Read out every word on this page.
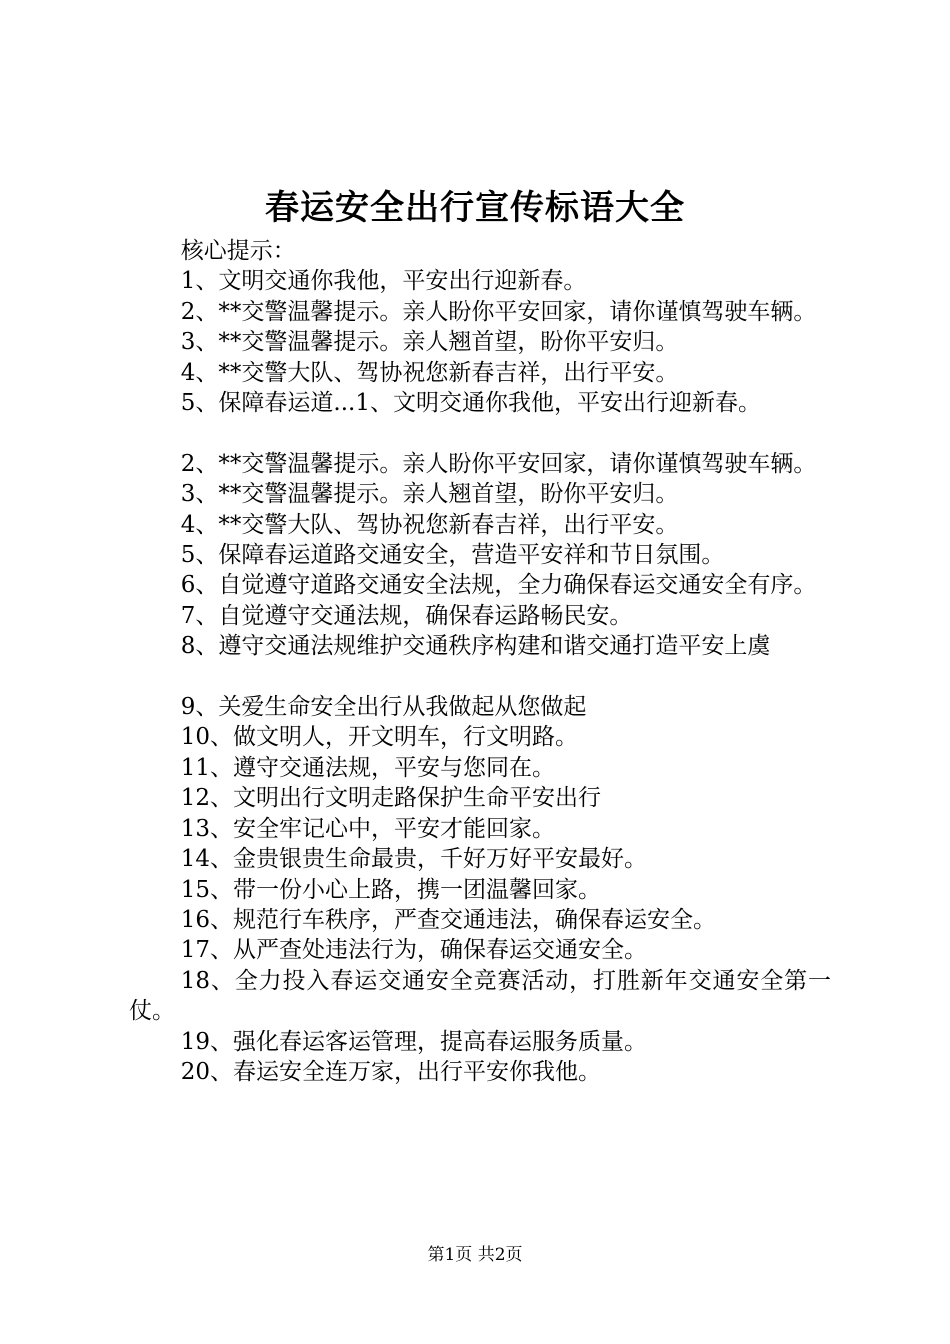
春运安全出行宣传标语大全

核心提示：

1、文明交通你我他，平安出行迎新春。

2、**交警温馨提示。亲人盼你平安回家，请你谨慎驾驶车辆。

3、**交警温馨提示。亲人翘首望，盼你平安归。

4、**交警大队、驾协祝您新春吉祥，出行平安。

5、保障春运道...1、文明交通你我他，平安出行迎新春。

2、**交警温馨提示。亲人盼你平安回家，请你谨慎驾驶车辆。

3、**交警温馨提示。亲人翘首望，盼你平安归。

4、**交警大队、驾协祝您新春吉祥，出行平安。

5、保障春运道路交通安全，营造平安祥和节日氛围。

6、自觉遵守道路交通安全法规，全力确保春运交通安全有序。

7、自觉遵守交通法规，确保春运路畅民安。

8、遵守交通法规维护交通秩序构建和谐交通打造平安上虞

9、关爱生命安全出行从我做起从您做起

10、做文明人，开文明车，行文明路。

11、遵守交通法规，平安与您同在。

12、文明出行文明走路保护生命平安出行

13、安全牢记心中，平安才能回家。

14、金贵银贵生命最贵，千好万好平安最好。

15、带一份小心上路，携一团温馨回家。

16、规范行车秩序，严查交通违法，确保春运安全。

17、从严查处违法行为，确保春运交通安全。

18、全力投入春运交通安全竞赛活动，打胜新年交通安全第一仗。

19、强化春运客运管理，提高春运服务质量。

20、春运安全连万家，出行平安你我他。

第1页 共2页
